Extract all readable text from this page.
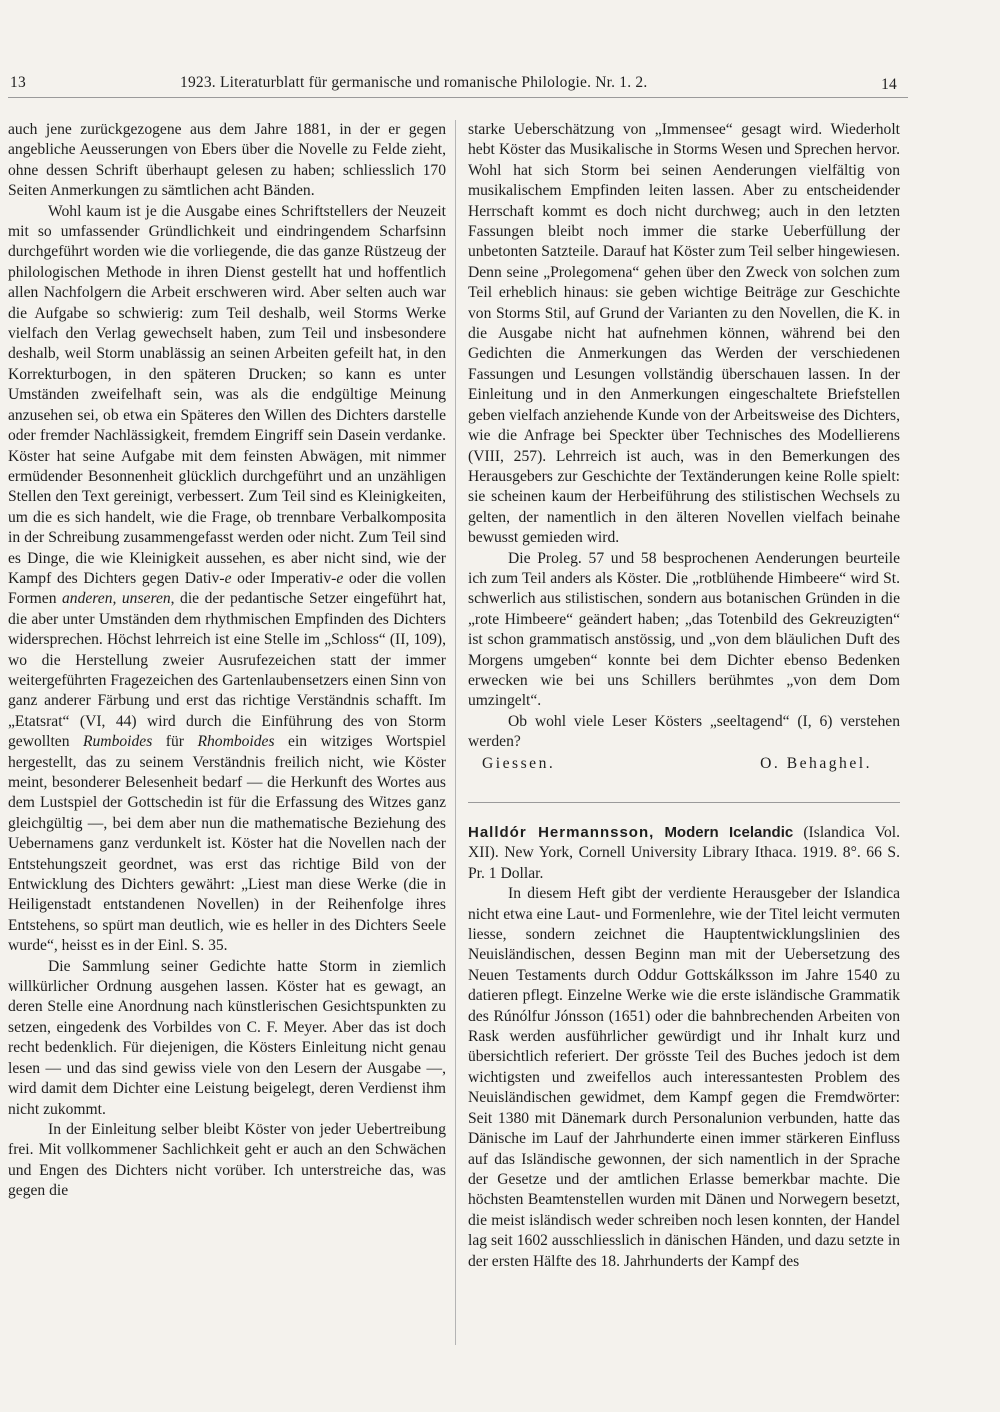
13	1923. Literaturblatt für germanische und romanische Philologie. Nr. 1. 2.	14

auch jene zurückgezogene aus dem Jahre 1881, in der er gegen angebliche Aeusserungen von Ebers über die Novelle zu Felde zieht, ohne dessen Schrift überhaupt gelesen zu haben; schliesslich 170 Seiten Anmerkungen zu sämtlichen acht Bänden.

Wohl kaum ist je die Ausgabe eines Schriftstellers der Neuzeit mit so umfassender Gründlichkeit und eindringendem Scharfsinn durchgeführt worden wie die vorliegende, die das ganze Rüstzeug der philologischen Methode in ihren Dienst gestellt hat und hoffentlich allen Nachfolgern die Arbeit erschweren wird. Aber selten auch war die Aufgabe so schwierig: zum Teil deshalb, weil Storms Werke vielfach den Verlag gewechselt haben, zum Teil und insbesondere deshalb, weil Storm unablässig an seinen Arbeiten gefeilt hat, in den Korrekturbogen, in den späteren Drucken; so kann es unter Umständen zweifelhaft sein, was als die endgültige Meinung anzusehen sei, ob etwa ein Späteres den Willen des Dichters darstelle oder fremder Nachlässigkeit, fremdem Eingriff sein Dasein verdanke. Köster hat seine Aufgabe mit dem feinsten Abwägen, mit nimmer ermüdender Besonnenheit glücklich durchgeführt und an unzähligen Stellen den Text gereinigt, verbessert. Zum Teil sind es Kleinigkeiten, um die es sich handelt, wie die Frage, ob trennbare Verbalkomposita in der Schreibung zusammengefasst werden oder nicht. Zum Teil sind es Dinge, die wie Kleinigkeit aussehen, es aber nicht sind, wie der Kampf des Dichters gegen Dativ-e oder Imperativ-e oder die vollen Formen anderen, unseren, die der pedantische Setzer eingeführt hat, die aber unter Umständen dem rhythmischen Empfinden des Dichters widersprechen. Höchst lehrreich ist eine Stelle im „Schloss“ (II, 109), wo die Herstellung zweier Ausrufezeichen statt der immer weitergeführten Fragezeichen des Gartenlaubensetzers einen Sinn von ganz anderer Färbung und erst das richtige Verständnis schafft. Im „Etatsrat“ (VI, 44) wird durch die Einführung des von Storm gewollten Rumboides für Rhomboides ein witziges Wortspiel hergestellt, das zu seinem Verständnis freilich nicht, wie Köster meint, besonderer Belesenheit bedarf — die Herkunft des Wortes aus dem Lustspiel der Gottschedin ist für die Erfassung des Witzes ganz gleichgültig —, bei dem aber nun die mathematische Beziehung des Uebernamens ganz verdunkelt ist. Köster hat die Novellen nach der Entstehungszeit geordnet, was erst das richtige Bild von der Entwicklung des Dichters gewährt: „Liest man diese Werke (die in Heiligenstadt entstandenen Novellen) in der Reihenfolge ihres Entstehens, so spürt man deutlich, wie es heller in des Dichters Seele wurde“, heisst es in der Einl. S. 35.

Die Sammlung seiner Gedichte hatte Storm in ziemlich willkürlicher Ordnung ausgehen lassen. Köster hat es gewagt, an deren Stelle eine Anordnung nach künstlerischen Gesichtspunkten zu setzen, eingedenk des Vorbildes von C. F. Meyer. Aber das ist doch recht bedenklich. Für diejenigen, die Kösters Einleitung nicht genau lesen — und das sind gewiss viele von den Lesern der Ausgabe —, wird damit dem Dichter eine Leistung beigelegt, deren Verdienst ihm nicht zukommt.

In der Einleitung selber bleibt Köster von jeder Uebertreibung frei. Mit vollkommener Sachlichkeit geht er auch an den Schwächen und Engen des Dichters nicht vorüber. Ich unterstreiche das, was gegen die

starke Ueberschätzung von „Immensee“ gesagt wird. Wiederholt hebt Köster das Musikalische in Storms Wesen und Sprechen hervor. Wohl hat sich Storm bei seinen Aenderungen vielfältig von musikalischem Empfinden leiten lassen. Aber zu entscheidender Herrschaft kommt es doch nicht durchweg; auch in den letzten Fassungen bleibt noch immer die starke Ueberfüllung der unbetonten Satzteile. Darauf hat Köster zum Teil selber hingewiesen. Denn seine „Prolegomena“ gehen über den Zweck von solchen zum Teil erheblich hinaus: sie geben wichtige Beiträge zur Geschichte von Storms Stil, auf Grund der Varianten zu den Novellen, die K. in die Ausgabe nicht hat aufnehmen können, während bei den Gedichten die Anmerkungen das Werden der verschiedenen Fassungen und Lesungen vollständig überschauen lassen. In der Einleitung und in den Anmerkungen eingeschaltete Briefstellen geben vielfach anziehende Kunde von der Arbeitsweise des Dichters, wie die Anfrage bei Speckter über Technisches des Modellierens (VIII, 257). Lehrreich ist auch, was in den Bemerkungen des Herausgebers zur Geschichte der Textänderungen keine Rolle spielt: sie scheinen kaum der Herbeiführung des stilistischen Wechsels zu gelten, der namentlich in den älteren Novellen vielfach beinahe bewusst gemieden wird.

Die Proleg. 57 und 58 besprochenen Aenderungen beurteile ich zum Teil anders als Köster. Die „rotblühende Himbeere“ wird St. schwerlich aus stilistischen, sondern aus botanischen Gründen in die „rote Himbeere“ geändert haben; „das Totenbild des Gekreuzigten“ ist schon grammatisch anstössig, und „von dem bläulichen Duft des Morgens umgeben“ konnte bei dem Dichter ebenso Bedenken erwecken wie bei uns Schillers berühmtes „von dem Dom umzingelt“.

Ob wohl viele Leser Kösters „seeltagend“ (I, 6) verstehen werden?

Giessen.	O. Behaghel.

Halldór Hermannsson, Modern Icelandic (Islandica Vol. XII). New York, Cornell University Library Ithaca. 1919. 8°. 66 S. Pr. 1 Dollar.

In diesem Heft gibt der verdiente Herausgeber der Islandica nicht etwa eine Laut- und Formenlehre, wie der Titel leicht vermuten liesse, sondern zeichnet die Hauptentwicklungslinien des Neuisländischen, dessen Beginn man mit der Uebersetzung des Neuen Testaments durch Oddur Gottskálksson im Jahre 1540 zu datieren pflegt. Einzelne Werke wie die erste isländische Grammatik des Rúnólfur Jónsson (1651) oder die bahnbrechenden Arbeiten von Rask werden ausführlicher gewürdigt und ihr Inhalt kurz und übersichtlich referiert. Der grösste Teil des Buches jedoch ist dem wichtigsten und zweifellos auch interessantesten Problem des Neuisländischen gewidmet, dem Kampf gegen die Fremdwörter: Seit 1380 mit Dänemark durch Personalunion verbunden, hatte das Dänische im Lauf der Jahrhunderte einen immer stärkeren Einfluss auf das Isländische gewonnen, der sich namentlich in der Sprache der Gesetze und der amtlichen Erlasse bemerkbar machte. Die höchsten Beamtenstellen wurden mit Dänen und Norwegern besetzt, die meist isländisch weder schreiben noch lesen konnten, der Handel lag seit 1602 ausschliesslich in dänischen Händen, und dazu setzte in der ersten Hälfte des 18. Jahrhunderts der Kampf des
